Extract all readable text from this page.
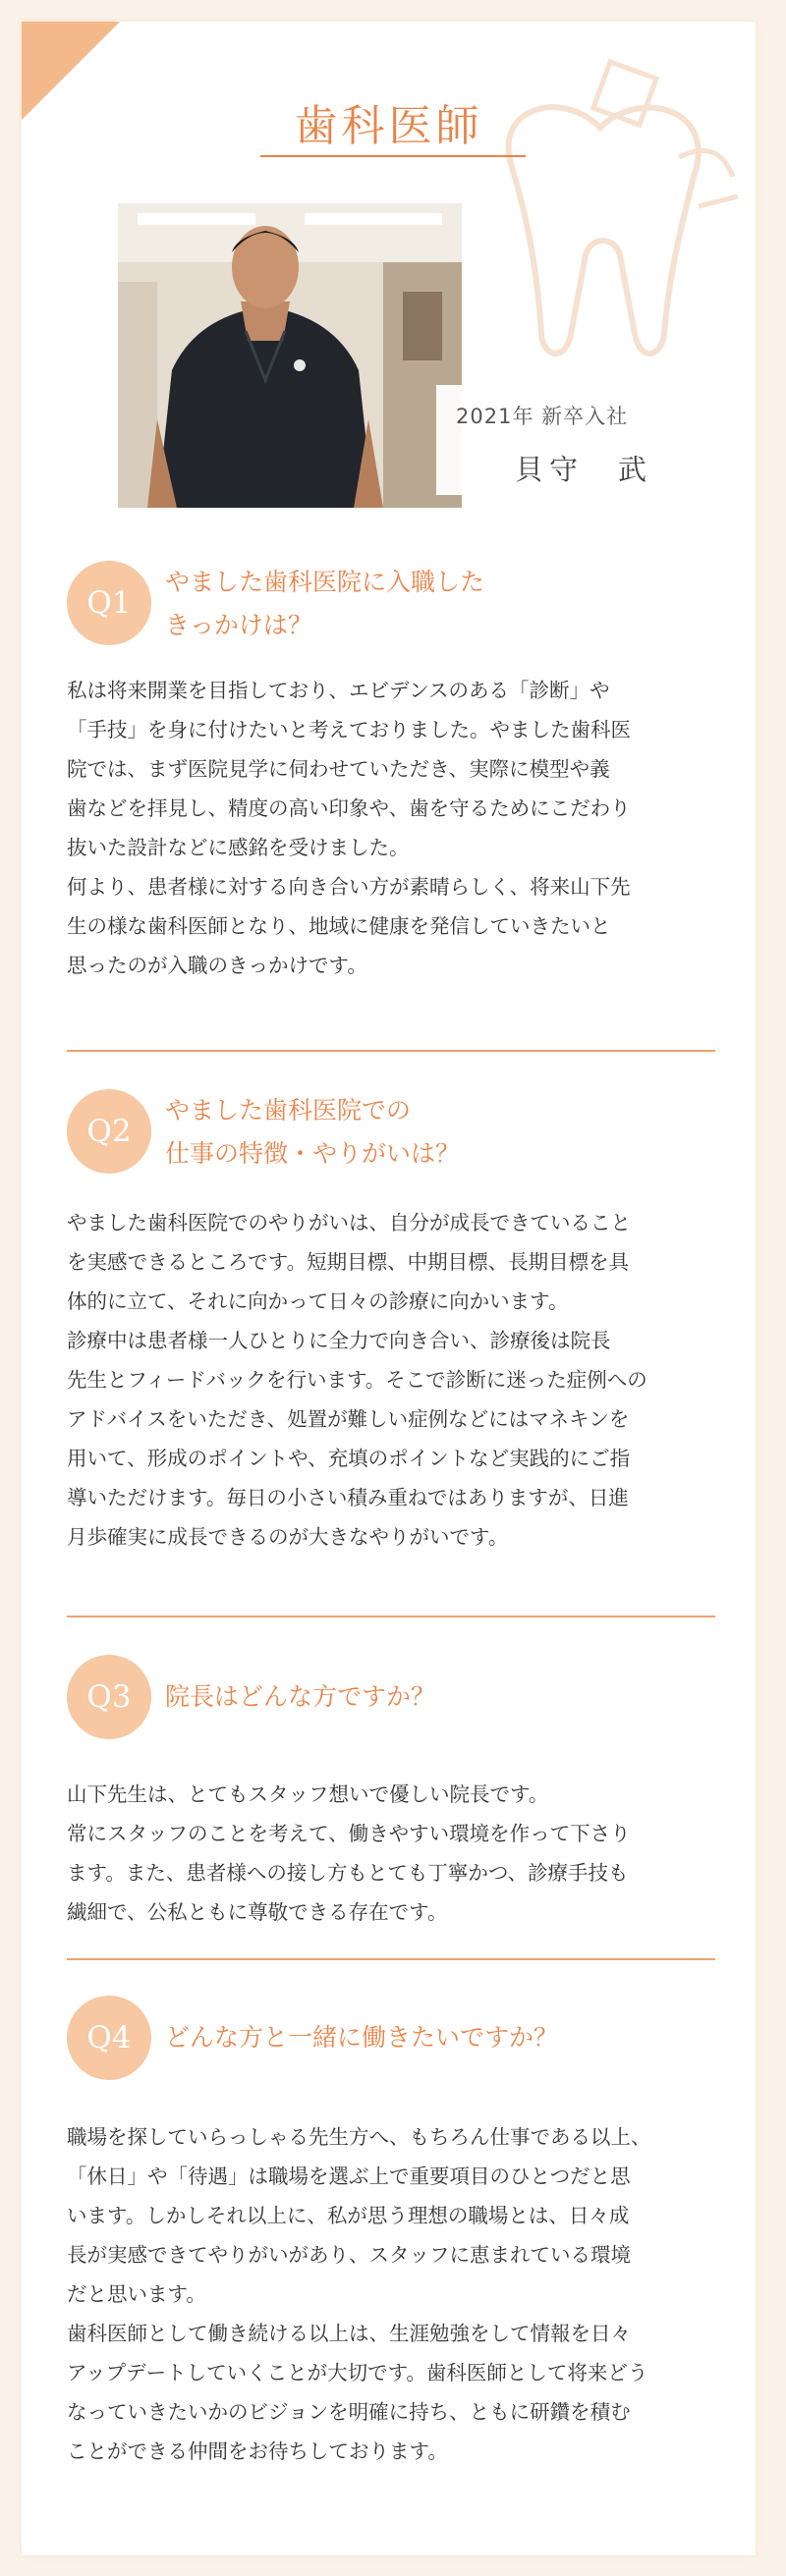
歯科医師
2021年 新卒入社
貝守　武
Q1
やました歯科医院に入職した
きっかけは？
私は将来開業を目指しており、エビデンスのある「診断」や
「手技」を身に付けたいと考えておりました。やました歯科医
院では、まず医院見学に伺わせていただき、実際に模型や義
歯などを拝見し、精度の高い印象や、歯を守るためにこだわり
抜いた設計などに感銘を受けました。
何より、患者様に対する向き合い方が素晴らしく、将来山下先
生の様な歯科医師となり、地域に健康を発信していきたいと
思ったのが入職のきっかけです。
Q2
やました歯科医院での
仕事の特徴・やりがいは？
やました歯科医院でのやりがいは、自分が成長できていること
を実感できるところです。短期目標、中期目標、長期目標を具
体的に立て、それに向かって日々の診療に向かいます。
診療中は患者様一人ひとりに全力で向き合い、診療後は院長
先生とフィードバックを行います。そこで診断に迷った症例への
アドバイスをいただき、処置が難しい症例などにはマネキンを
用いて、形成のポイントや、充填のポイントなど実践的にご指
導いただけます。毎日の小さい積み重ねではありますが、日進
月歩確実に成長できるのが大きなやりがいです。
Q3	院長はどんな方ですか？
山下先生は、とてもスタッフ想いで優しい院長です。
常にスタッフのことを考えて、働きやすい環境を作って下さり
ます。また、患者様への接し方もとても丁寧かつ、診療手技も
繊細で、公私ともに尊敬できる存在です。
Q4	どんな方と一緒に働きたいですか？
職場を探していらっしゃる先生方へ、もちろん仕事である以上、
「休日」や「待遇」は職場を選ぶ上で重要項目のひとつだと思
います。しかしそれ以上に、私が思う理想の職場とは、日々成
長が実感できてやりがいがあり、スタッフに恵まれている環境
だと思います。
歯科医師として働き続ける以上は、生涯勉強をして情報を日々
アップデートしていくことが大切です。歯科医師として将来どう
なっていきたいかのビジョンを明確に持ち、ともに研鑽を積む
ことができる仲間をお待ちしております。
